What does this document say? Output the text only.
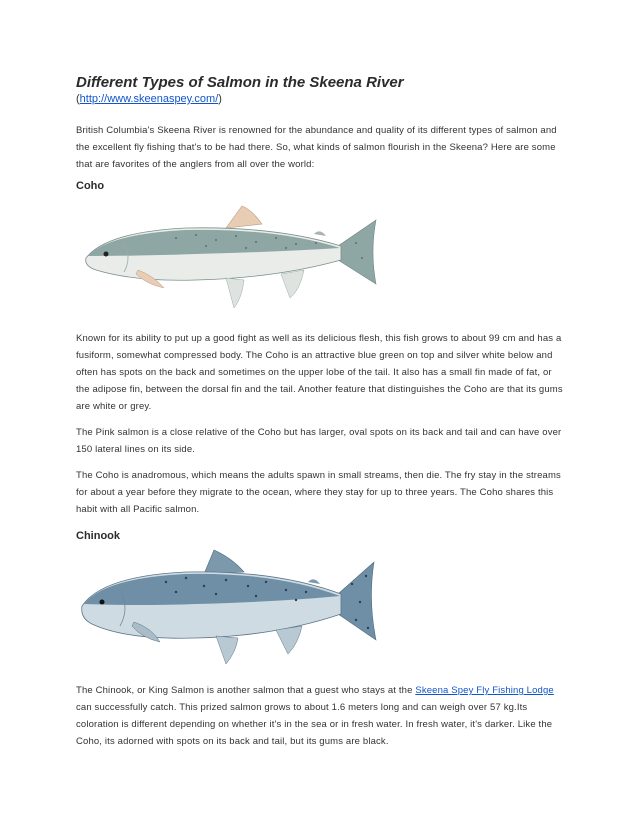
Different Types of Salmon in the Skeena River
(http://www.skeenaspey.com/)

British Columbia's Skeena River is renowned for the abundance and quality of its different types of salmon and the excellent fly fishing that's to be had there. So, what kinds of salmon flourish in the Skeena? Here are some that are favorites of the anglers from all over the world:

Coho

Known for its ability to put up a good fight as well as its delicious flesh, this fish grows to about 99 cm and has a fusiform, somewhat compressed body. The Coho is an attractive blue green on top and silver white below and often has spots on the back and sometimes on the upper lobe of the tail. It also has a small fin made of fat, or the adipose fin, between the dorsal fin and the tail. Another feature that distinguishes the Coho are that its gums are white or grey.

The Pink salmon is a close relative of the Coho but has larger, oval spots on its back and tail and can have over 150 lateral lines on its side.

The Coho is anadromous, which means the adults spawn in small streams, then die. The fry stay in the streams for about a year before they migrate to the ocean, where they stay for up to three years. The Coho shares this habit with all Pacific salmon.

Chinook

The Chinook, or King Salmon is another salmon that a guest who stays at the Skeena Spey Fly Fishing Lodge can successfully catch. This prized salmon grows to about 1.6 meters long and can weigh over 57 kg.Its coloration is different depending on whether it's in the sea or in fresh water. In fresh water, it's darker. Like the Coho, its adorned with spots on its back and tail, but its gums are black.
